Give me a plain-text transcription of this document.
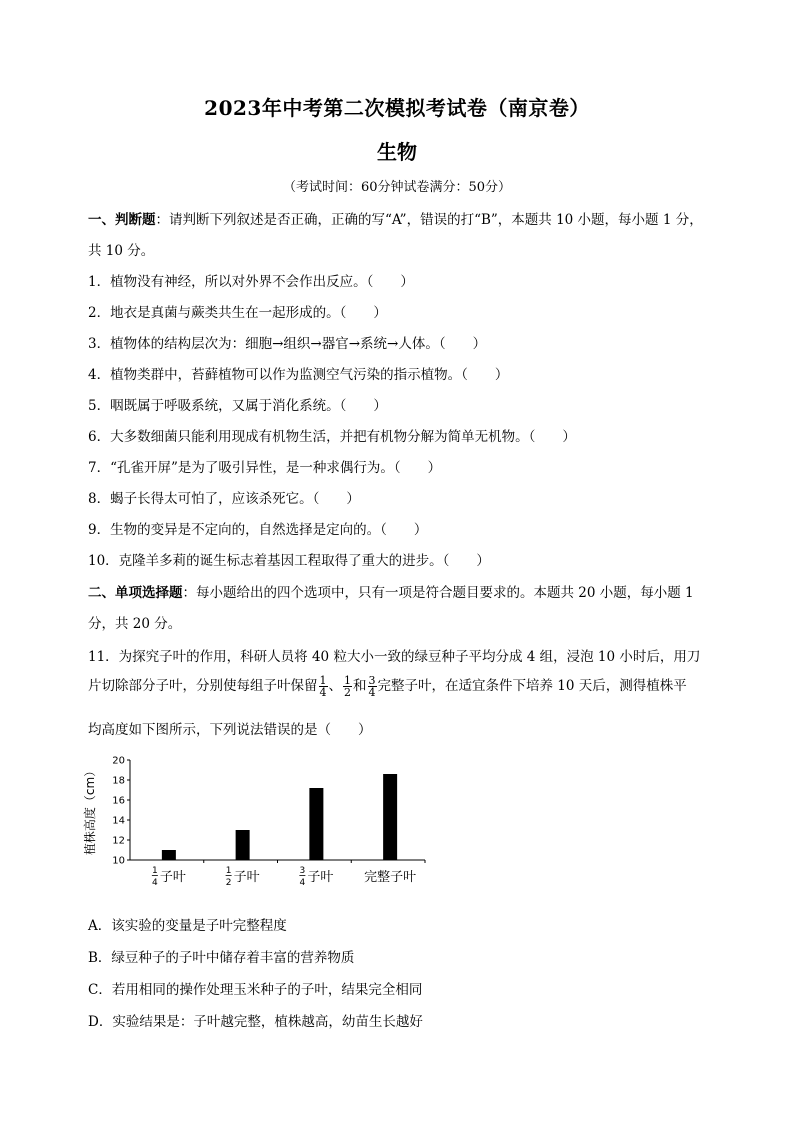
2023年中考第二次模拟考试卷（南京卷）
生物
（考试时间：60分钟试卷满分：50分）
一、判断题：请判断下列叙述是否正确，正确的写“A”，错误的打“B”，本题共 10 小题，每小题 1 分，
共 10 分。
1．植物没有神经，所以对外界不会作出反应。（　　）
2．地衣是真菌与蕨类共生在一起形成的。（　　）
3．植物体的结构层次为：细胞→组织→器官→系统→人体。（　　）
4．植物类群中，苔藓植物可以作为监测空气污染的指示植物。（　　）
5．咽既属于呼吸系统，又属于消化系统。（　　）
6．大多数细菌只能利用现成有机物生活，并把有机物分解为简单无机物。（　　）
7．“孔雀开屏”是为了吸引异性，是一种求偶行为。（　　）
8．蝎子长得太可怕了，应该杀死它。（　　）
9．生物的变异是不定向的，自然选择是定向的。（　　）
10．克隆羊多莉的诞生标志着基因工程取得了重大的进步。（　　）
二、单项选择题：每小题给出的四个选项中，只有一项是符合题目要求的。本题共 20 小题，每小题 1
分，共 20 分。
11．为探究子叶的作用，科研人员将 40 粒大小一致的绿豆种子平均分成 4 组，浸泡 10 小时后，用刀
片切除部分子叶，分别使每组子叶保留 $\frac{1}{4}$ 、 $\frac{1}{2}$ 和 $\frac{3}{4}$ 完整子叶，在适宜条件下培养 10 天后，测得植株平
均高度如下图所示，下列说法错误的是（　　）
植株高度（cm）
10
12
14
16
18
20
1
4 子叶	1
2 子叶	3
4 子叶 完整子叶
A．该实验的变量是子叶完整程度
B．绿豆种子的子叶中储存着丰富的营养物质
C．若用相同的操作处理玉米种子的子叶，结果完全相同
D．实验结果是：子叶越完整，植株越高，幼苗生长越好
